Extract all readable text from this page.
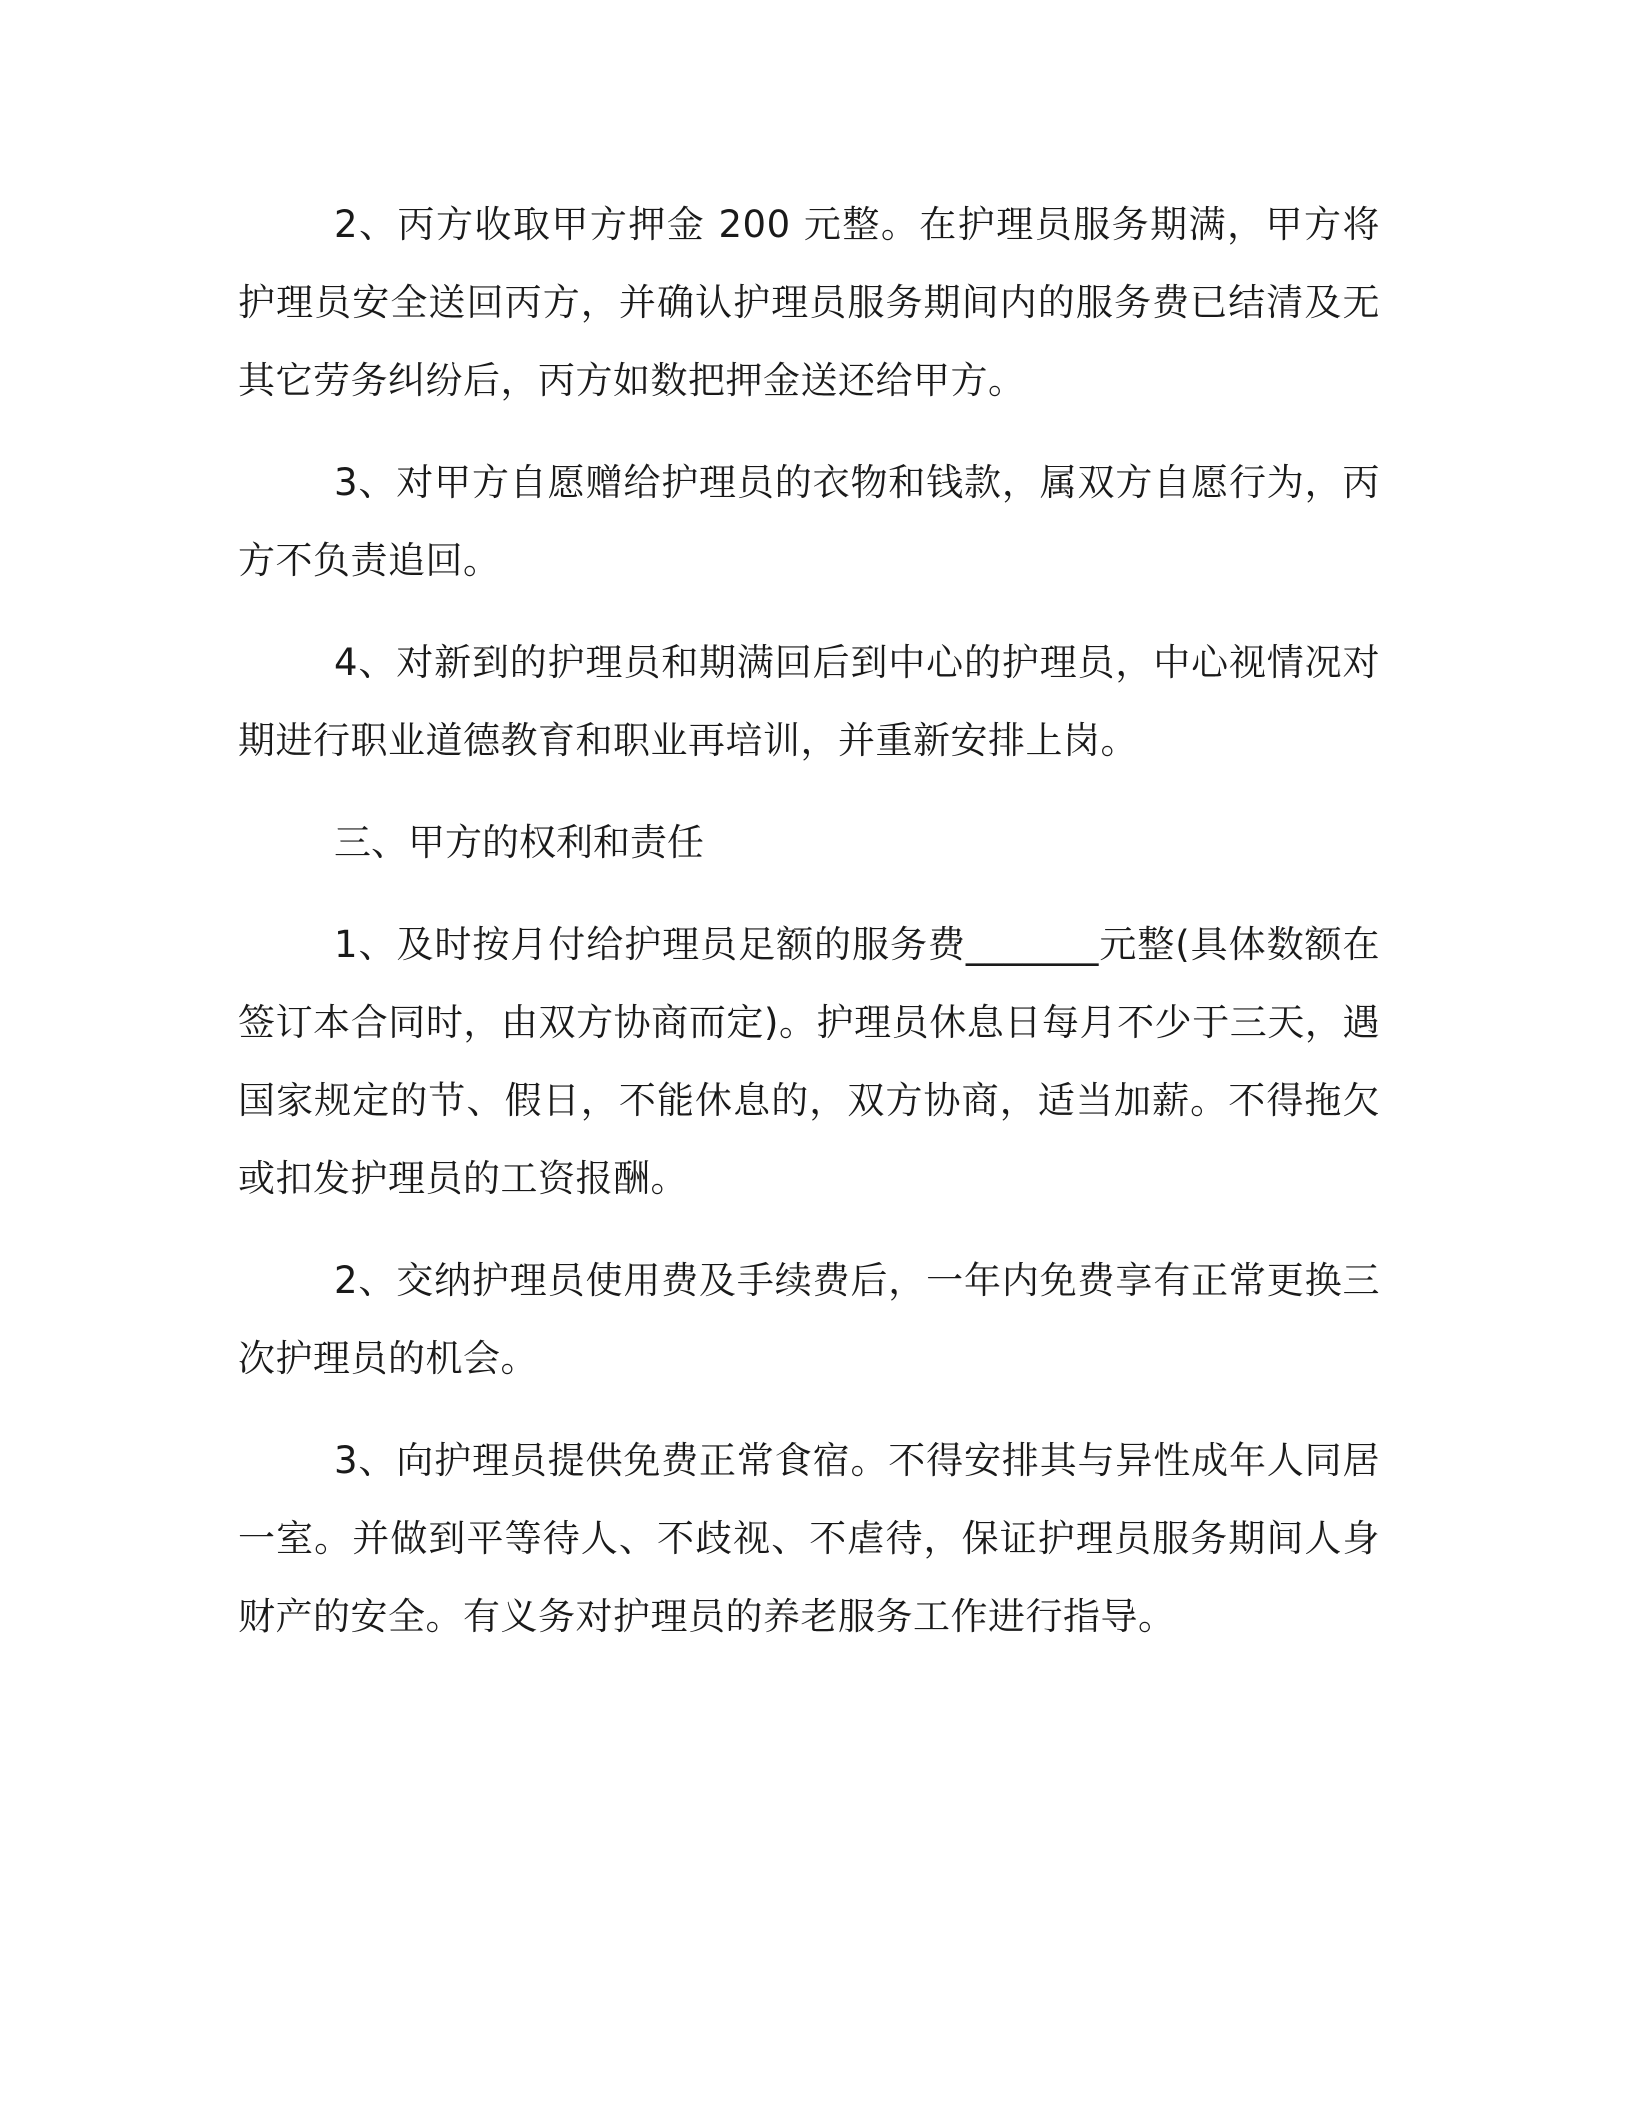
2、丙方收取甲方押金 200 元整。在护理员服务期满，甲方将护理员安全送回丙方，并确认护理员服务期间内的服务费已结清及无其它劳务纠纷后，丙方如数把押金送还给甲方。

3、对甲方自愿赠给护理员的衣物和钱款，属双方自愿行为，丙方不负责追回。

4、对新到的护理员和期满回后到中心的护理员，中心视情况对期进行职业道德教育和职业再培训，并重新安排上岗。

三、甲方的权利和责任

1、及时按月付给护理员足额的服务费_______元整(具体数额在签订本合同时，由双方协商而定)。护理员休息日每月不少于三天，遇国家规定的节、假日，不能休息的，双方协商，适当加薪。不得拖欠或扣发护理员的工资报酬。

2、交纳护理员使用费及手续费后，一年内免费享有正常更换三次护理员的机会。

3、向护理员提供免费正常食宿。不得安排其与异性成年人同居一室。并做到平等待人、不歧视、不虐待，保证护理员服务期间人身财产的安全。有义务对护理员的养老服务工作进行指导。
